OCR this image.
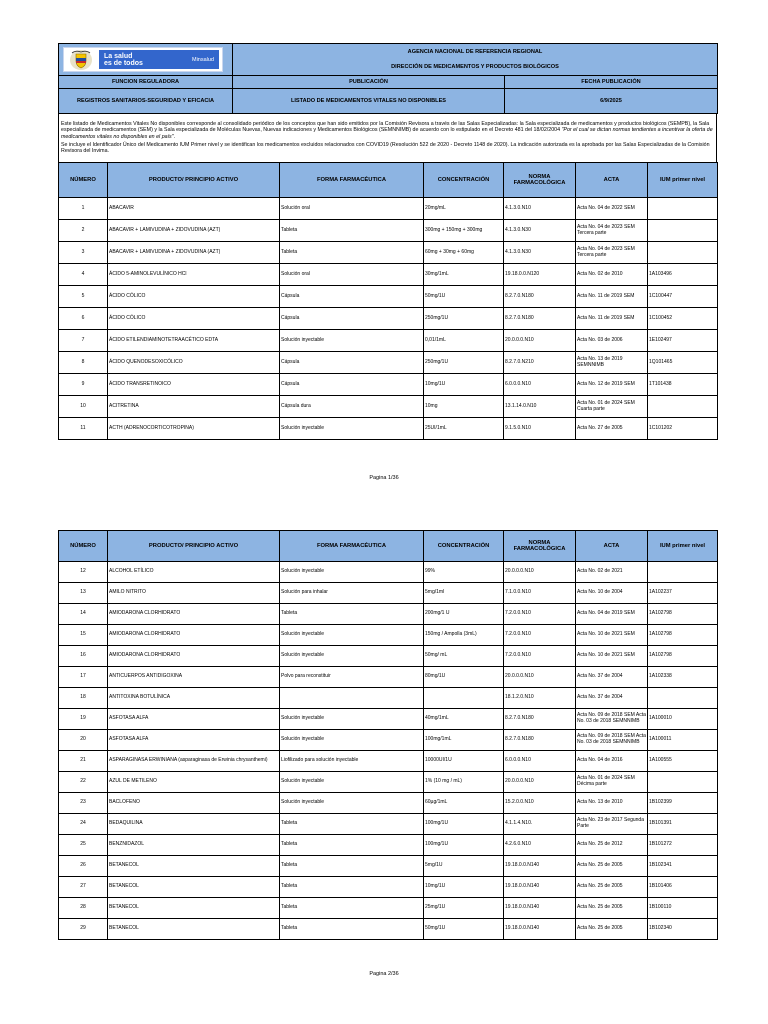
La salud
es de todos Minsalud	AGENCIA NACIONAL DE REFERENCIA REGIONAL	
	DIRECCIÓN DE MEDICAMENTOS Y PRODUCTOS BIOLÓGICOS	
FUNCION REGULADORA	PUBLICACIÓN	FECHA PUBLICACIÓN
REGISTROS SANITARIOS-SEGURIDAD Y EFICACIA	LISTADO DE MEDICAMENTOS VITALES NO DISPONIBLES	6/9/2025

Este listado de Medicamentos Vitales No disponibles corresponde al consolidado periódico de los conceptos que han sido emitidos por la Comisión Revisora a través de las Salas Especializadas: la Sala especializada de medicamentos y productos biológicos (SEMPB), la Sala especializada de medicamentos (SEM) y la Sala especializada de Moléculas Nuevas, Nuevas indicaciones y Medicamentos Biológicos (SEMNNIMB) de acuerdo con lo estipulado en el Decreto 481 del 18/02/2004 "Por el cual se dictan normas tendientes a incentivar la oferta de medicamentos vitales no disponibles en el país".

Se incluye el Identificador Único del Medicamento IUM Primer nivel y se identifican los medicamentos excluidos relacionados con COVID19 (Resolución 522 de 2020 - Decreto 1148 de 2020). La indicación autorizada es la aprobada por las Salas Especializadas de la Comisión Revisora del Invima.

NÚMERO	PRODUCTO/ PRINCIPIO ACTIVO	FORMA FARMACÉUTICA	CONCENTRACIÓN	NORMA FARMACOLÓGICA	ACTA	IUM primer nivel
1	ABACAVIR	Solución oral	20mg/mL	4.1.3.0.N10	Acta No. 04 de 2022 SEM	
2	ABACAVIR + LAMIVUDINA + ZIDOVUDINA (AZT)	Tableta	300mg + 150mg + 300mg	4.1.3.0.N30	Acta No. 04 de 2023 SEM Tercera parte	
3	ABACAVIR + LAMIVUDINA + ZIDOVUDINA (AZT)	Tableta	60mg + 30mg + 60mg	4.1.3.0.N30	Acta No. 04 de 2023 SEM Tercera parte	
4	ÁCIDO 5-AMINOLEVULÍNICO HCl	Solución oral	30mg/1mL	19.18.0.0.N120	Acta No. 02 de 2010	1A103496
5	ÁCIDO CÓLICO	Cápsula	50mg/1U	8.2.7.0.N180	Acta No. 11 de 2019 SEM	1C100447
6	ÁCIDO CÓLICO	Cápsula	250mg/1U	8.2.7.0.N180	Acta No. 11 de 2019 SEM	1C100452
7	ÁCIDO ETILENDIAMINOTETRAACÉTICO EDTA	Solución inyectable	0,01/1mL	20.0.0.0.N10	Acta No. 03 de 2006	1E102497
8	ÁCIDO QUENODESOXICÓLICO	Cápsula	250mg/1U	8.2.7.0.N210	Acta No. 13 de 2019 SEMNNIMB	1Q101465
9	ÁCIDO TRANSRETINOICO	Cápsula	10mg/1U	6.0.0.0.N10	Acta No. 12 de 2019 SEM	1T101438
10	ACITRETINA	Cápsula dura	10mg	13.1.14.0.N10	Acta No. 01 de 2024 SEM Cuarta parte	
11	ACTH (ADRENOCORTICOTROPINA)	Solución inyectable	25UI/1mL	9.1.5.0.N10	Acta No. 27 de 2005	1C101202
Pagina 1/36
NÚMERO	PRODUCTO/ PRINCIPIO ACTIVO	FORMA FARMACÉUTICA	CONCENTRACIÓN	NORMA FARMACOLÓGICA	ACTA	IUM primer nivel
12	ALCOHOL ETÍLICO	Solución inyectable	99%	20.0.0.0.N10	Acta No. 02 de 2021	
13	AMILO NITRITO	Solución para inhalar	5mg/1ml	7.1.0.0.N10	Acta No. 10 de 2004	1A102237
14	AMIODARONA CLORHIDRATO	Tableta	200mg/1 U	7.2.0.0.N10	Acta No. 04 de 2019 SEM	1A102798
15	AMIODARONA CLORHIDRATO	Solución inyectable	150mg / Ampolla (3mL)	7.2.0.0.N10	Acta No. 10 de 2021 SEM	1A102798
16	AMIODARONA CLORHIDRATO	Solución inyectable	50mg/ mL	7.2.0.0.N10	Acta No. 10 de 2021 SEM	1A102798
17	ANTICUERPOS ANTIDIGOXINA	Polvo para reconstituir	80mg/1U	20.0.0.0.N10	Acta No. 37 de 2004	1A102338
18	ANTITOXINA BOTULÍNICA			18.1.2.0.N10	Acta No. 37 de 2004	
19	ASFOTASA ALFA	Solución inyectable	40mg/1mL	8.2.7.0.N180	Acta No. 09 de 2018 SEM Acta No. 03 de 2018 SEMNNIMB	1A100010
20	ASFOTASA ALFA	Solución inyectable	100mg/1mL	8.2.7.0.N180	Acta No. 09 de 2018 SEM Acta No. 03 de 2018 SEMNNIMB	1A100011
21	ASPARAGINASA ERWINIANA (asparaginasa de Erwinia chrysanthemi)	Liofilizado para solución inyectable	10000UI/1U	6.0.0.0.N10	Acta No. 04 de 2016	1A100555
22	AZUL DE METILENO	Solución inyectable	1% (10 mg / mL)	20.0.0.0.N10	Acta No. 01 de 2024 SEM Décima parte	
23	BACLOFENO	Solución inyectable	60µg/1mL	15.2.0.0.N10	Acta No. 13 de 2010	1B102399
24	BEDAQUILINA	Tableta	100mg/1U	4.1.1.4.N10.	Acta No. 23 de 2017 Segunda Parte	1B101391
25	BENZNIDAZOL	Tableta	100mg/1U	4.2.6.0.N10	Acta No. 25 de 2012	1B101272
26	BETANECOL	Tableta	5mg/1U	19.18.0.0.N140	Acta No. 25 de 2005	1B102341
27	BETANECOL	Tableta	10mg/1U	19.18.0.0.N140	Acta No. 25 de 2005	1B101406
28	BETANECOL	Tableta	25mg/1U	19.18.0.0.N140	Acta No. 25 de 2005	1B100110
29	BETANECOL	Tableta	50mg/1U	19.18.0.0.N140	Acta No. 25 de 2005	1B102340
Pagina 2/36
